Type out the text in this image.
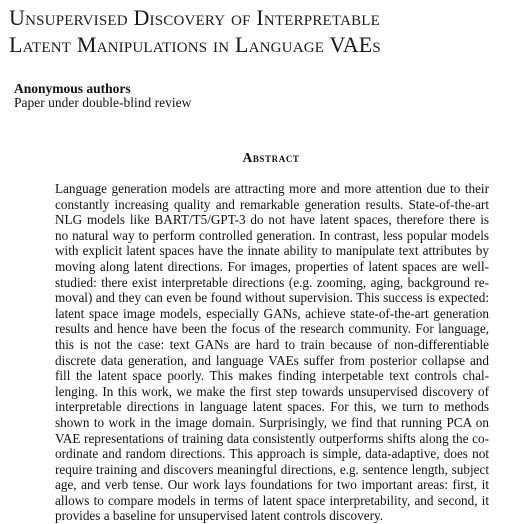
Unsupervised Discovery of Interpretable
Latent Manipulations in Language VAEs

Anonymous authors

Paper under double-blind review

Abstract
Language generation models are attracting more and more attention due to their
constantly increasing quality and remarkable generation results. State-of-the-art
NLG models like BART/T5/GPT-3 do not have latent spaces, therefore there is
no natural way to perform controlled generation. In contrast, less popular models
with explicit latent spaces have the innate ability to manipulate text attributes by
moving along latent directions. For images, properties of latent spaces are well-
studied: there exist interpretable directions (e.g. zooming, aging, background re-
moval) and they can even be found without supervision. This success is expected:
latent space image models, especially GANs, achieve state-of-the-art generation
results and hence have been the focus of the research community. For language,
this is not the case: text GANs are hard to train because of non-differentiable
discrete data generation, and language VAEs suffer from posterior collapse and
fill the latent space poorly. This makes finding interpetable text controls chal-
lenging. In this work, we make the first step towards unsupervised discovery of
interpretable directions in language latent spaces. For this, we turn to methods
shown to work in the image domain. Surprisingly, we find that running PCA on
VAE representations of training data consistently outperforms shifts along the co-
ordinate and random directions. This approach is simple, data-adaptive, does not
require training and discovers meaningful directions, e.g. sentence length, subject
age, and verb tense. Our work lays foundations for two important areas: first, it
allows to compare models in terms of latent space interpretability, and second, it
provides a baseline for unsupervised latent controls discovery.
